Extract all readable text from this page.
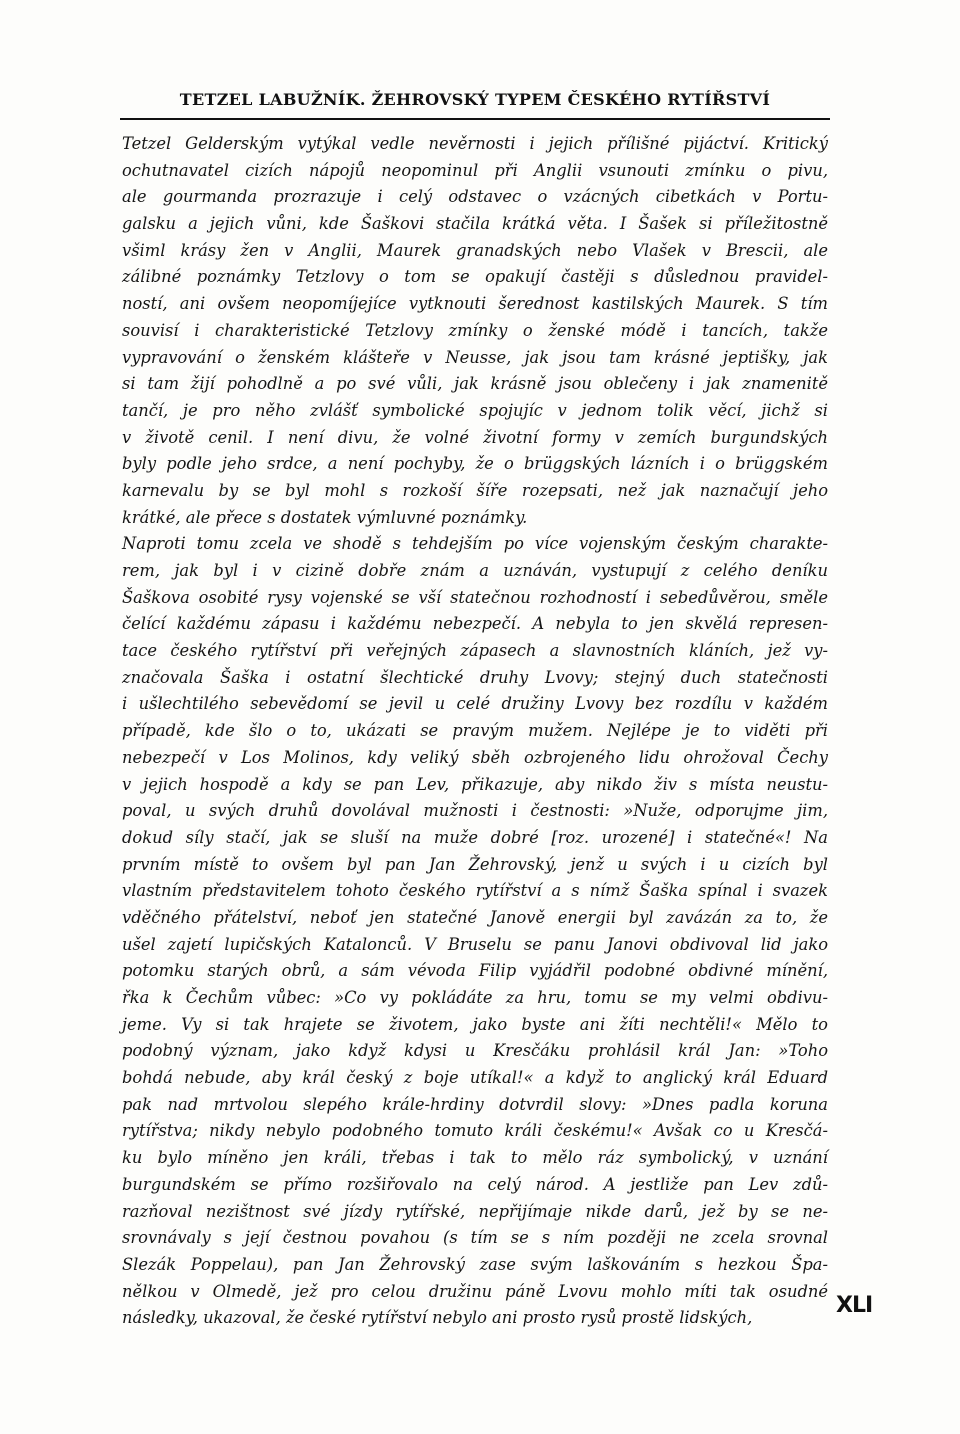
TETZEL LABUŽNÍK. ŽEHROVSKÝ TYPEM ČESKÉHO RYTÍŘSTVÍ
Tetzel Gelderským vytýkal vedle nevěrnosti i jejich přílišné pijáctví. Kritický
ochutnavatel cizích nápojů neopominul při Anglii vsunouti zmínku o pivu,
ale gourmanda prozrazuje i celý odstavec o vzácných cibetkách v Portu-
galsku a jejich vůni, kde Šaškovi stačila krátká věta. I Šašek si příležitostně
všiml krásy žen v Anglii, Maurek granadských nebo Vlašek v Brescii, ale
zálibné poznámky Tetzlovy o tom se opakují častěji s důslednou pravidel-
ností, ani ovšem neopomíjejíce vytknouti šerednost kastilských Maurek. S tím
souvisí i charakteristické Tetzlovy zmínky o ženské módě i tancích, takže
vypravování o ženském klášteře v Neusse, jak jsou tam krásné jeptišky, jak
si tam žijí pohodlně a po své vůli, jak krásně jsou oblečeny i jak znamenitě
tančí, je pro něho zvlášť symbolické spojujíc v jednom tolik věcí, jichž si
v životě cenil. I není divu, že volné životní formy v zemích burgundských
byly podle jeho srdce, a není pochyby, že o brüggských lázních i o brüggském
karnevalu by se byl mohl s rozkoší šíře rozepsati, než jak naznačují jeho
krátké, ale přece s dostatek výmluvné poznámky.
Naproti tomu zcela ve shodě s tehdejším po více vojenským českým charakte-
rem, jak byl i v cizině dobře znám a uznáván, vystupují z celého deníku
Šaškova osobité rysy vojenské se vší statečnou rozhodností i sebedůvěrou, směle
čelící každému zápasu i každému nebezpečí. A nebyla to jen skvělá represen-
tace českého rytířství při veřejných zápasech a slavnostních kláních, jež vy-
značovala Šaška i ostatní šlechtické druhy Lvovy; stejný duch statečnosti
i ušlechtilého sebevědomí se jevil u celé družiny Lvovy bez rozdílu v každém
případě, kde šlo o to, ukázati se pravým mužem. Nejlépe je to viděti při
nebezpečí v Los Molinos, kdy veliký sběh ozbrojeného lidu ohrožoval Čechy
v jejich hospodě a kdy se pan Lev, přikazuje, aby nikdo živ s místa neustu-
poval, u svých druhů dovolával mužnosti i čestnosti: »Nuže, odporujme jim,
dokud síly stačí, jak se sluší na muže dobré [roz. urozené] i statečné«! Na
prvním místě to ovšem byl pan Jan Žehrovský, jenž u svých i u cizích byl
vlastním představitelem tohoto českého rytířství a s nímž Šaška spínal i svazek
vděčného přátelství, neboť jen statečné Janově energii byl zavázán za to, že
ušel zajetí lupičských Katalonců. V Bruselu se panu Janovi obdivoval lid jako
potomku starých obrů, a sám vévoda Filip vyjádřil podobné obdivné mínění,
řka k Čechům vůbec: »Co vy pokládáte za hru, tomu se my velmi obdivu-
jeme. Vy si tak hrajete se životem, jako byste ani žíti nechtěli!« Mělo to
podobný význam, jako když kdysi u Kresčáku prohlásil král Jan: »Toho
bohdá nebude, aby král český z boje utíkal!« a když to anglický král Eduard
pak nad mrtvolou slepého krále-hrdiny dotvrdil slovy: »Dnes padla koruna
rytířstva; nikdy nebylo podobného tomuto králi českému!« Avšak co u Kresčá-
ku bylo míněno jen králi, třebas i tak to mělo ráz symbolický, v uznání
burgundském se přímo rozšiřovalo na celý národ. A jestliže pan Lev zdů-
razňoval nezištnost své jízdy rytířské, nepřijímaje nikde darů, jež by se ne-
srovnávaly s její čestnou povahou (s tím se s ním později ne zcela srovnal
Slezák Poppelau), pan Jan Žehrovský zase svým laškováním s hezkou Špa-
nělkou v Olmedě, jež pro celou družinu páně Lvovu mohlo míti tak osudné
následky, ukazoval, že české rytířství nebylo ani prosto rysů prostě lidských,	XLI
